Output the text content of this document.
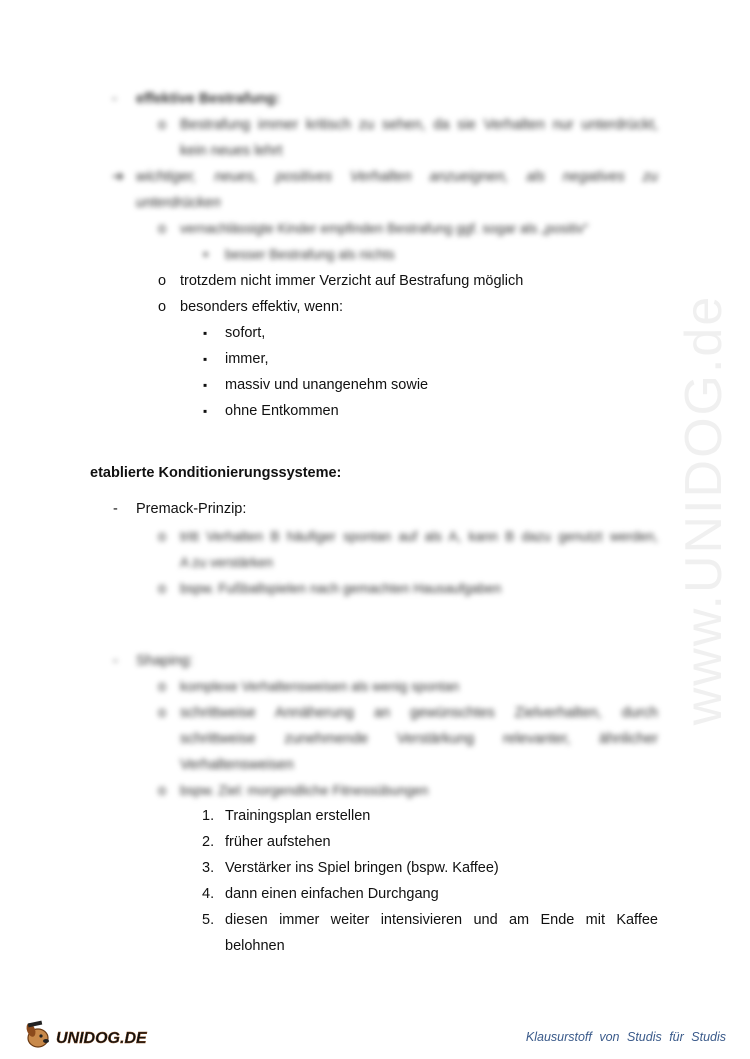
www.UNIDOG.de
- effektive Bestrafung:
o Bestrafung immer kritisch zu sehen, da sie Verhalten nur unterdrückt,
kein neues lehrt
➔ wichtiger, neues, positives Verhalten anzueignen, als negatives zu
unterdrücken
o vernachlässigte Kinder empfinden Bestrafung ggf. sogar als „positiv“
▪ besser Bestrafung als nichts
o trotzdem nicht immer Verzicht auf Bestrafung möglich
o besonders effektiv, wenn:
▪ sofort,
▪ immer,
▪ massiv und unangenehm sowie
▪ ohne Entkommen
etablierte Konditionierungssysteme:
- Premack-Prinzip:
o tritt Verhalten B häufiger spontan auf als A, kann B dazu genutzt werden,
A zu verstärken
o bspw. Fußballspielen nach gemachten Hausaufgaben
- Shaping:
o komplexe Verhaltensweisen als wenig spontan
o schrittweise Annäherung an gewünschtes Zielverhalten, durch
schrittweise zunehmende Verstärkung relevanter, ähnlicher
Verhaltensweisen
o bspw. Ziel: morgendliche Fitnessübungen
1. Trainingsplan erstellen
2. früher aufstehen
3. Verstärker ins Spiel bringen (bspw. Kaffee)
4. dann einen einfachen Durchgang
5. diesen immer weiter intensivieren und am Ende mit Kaffee
belohnen
UNIDOG.DE	Klausurstoff von Studis für Studis
